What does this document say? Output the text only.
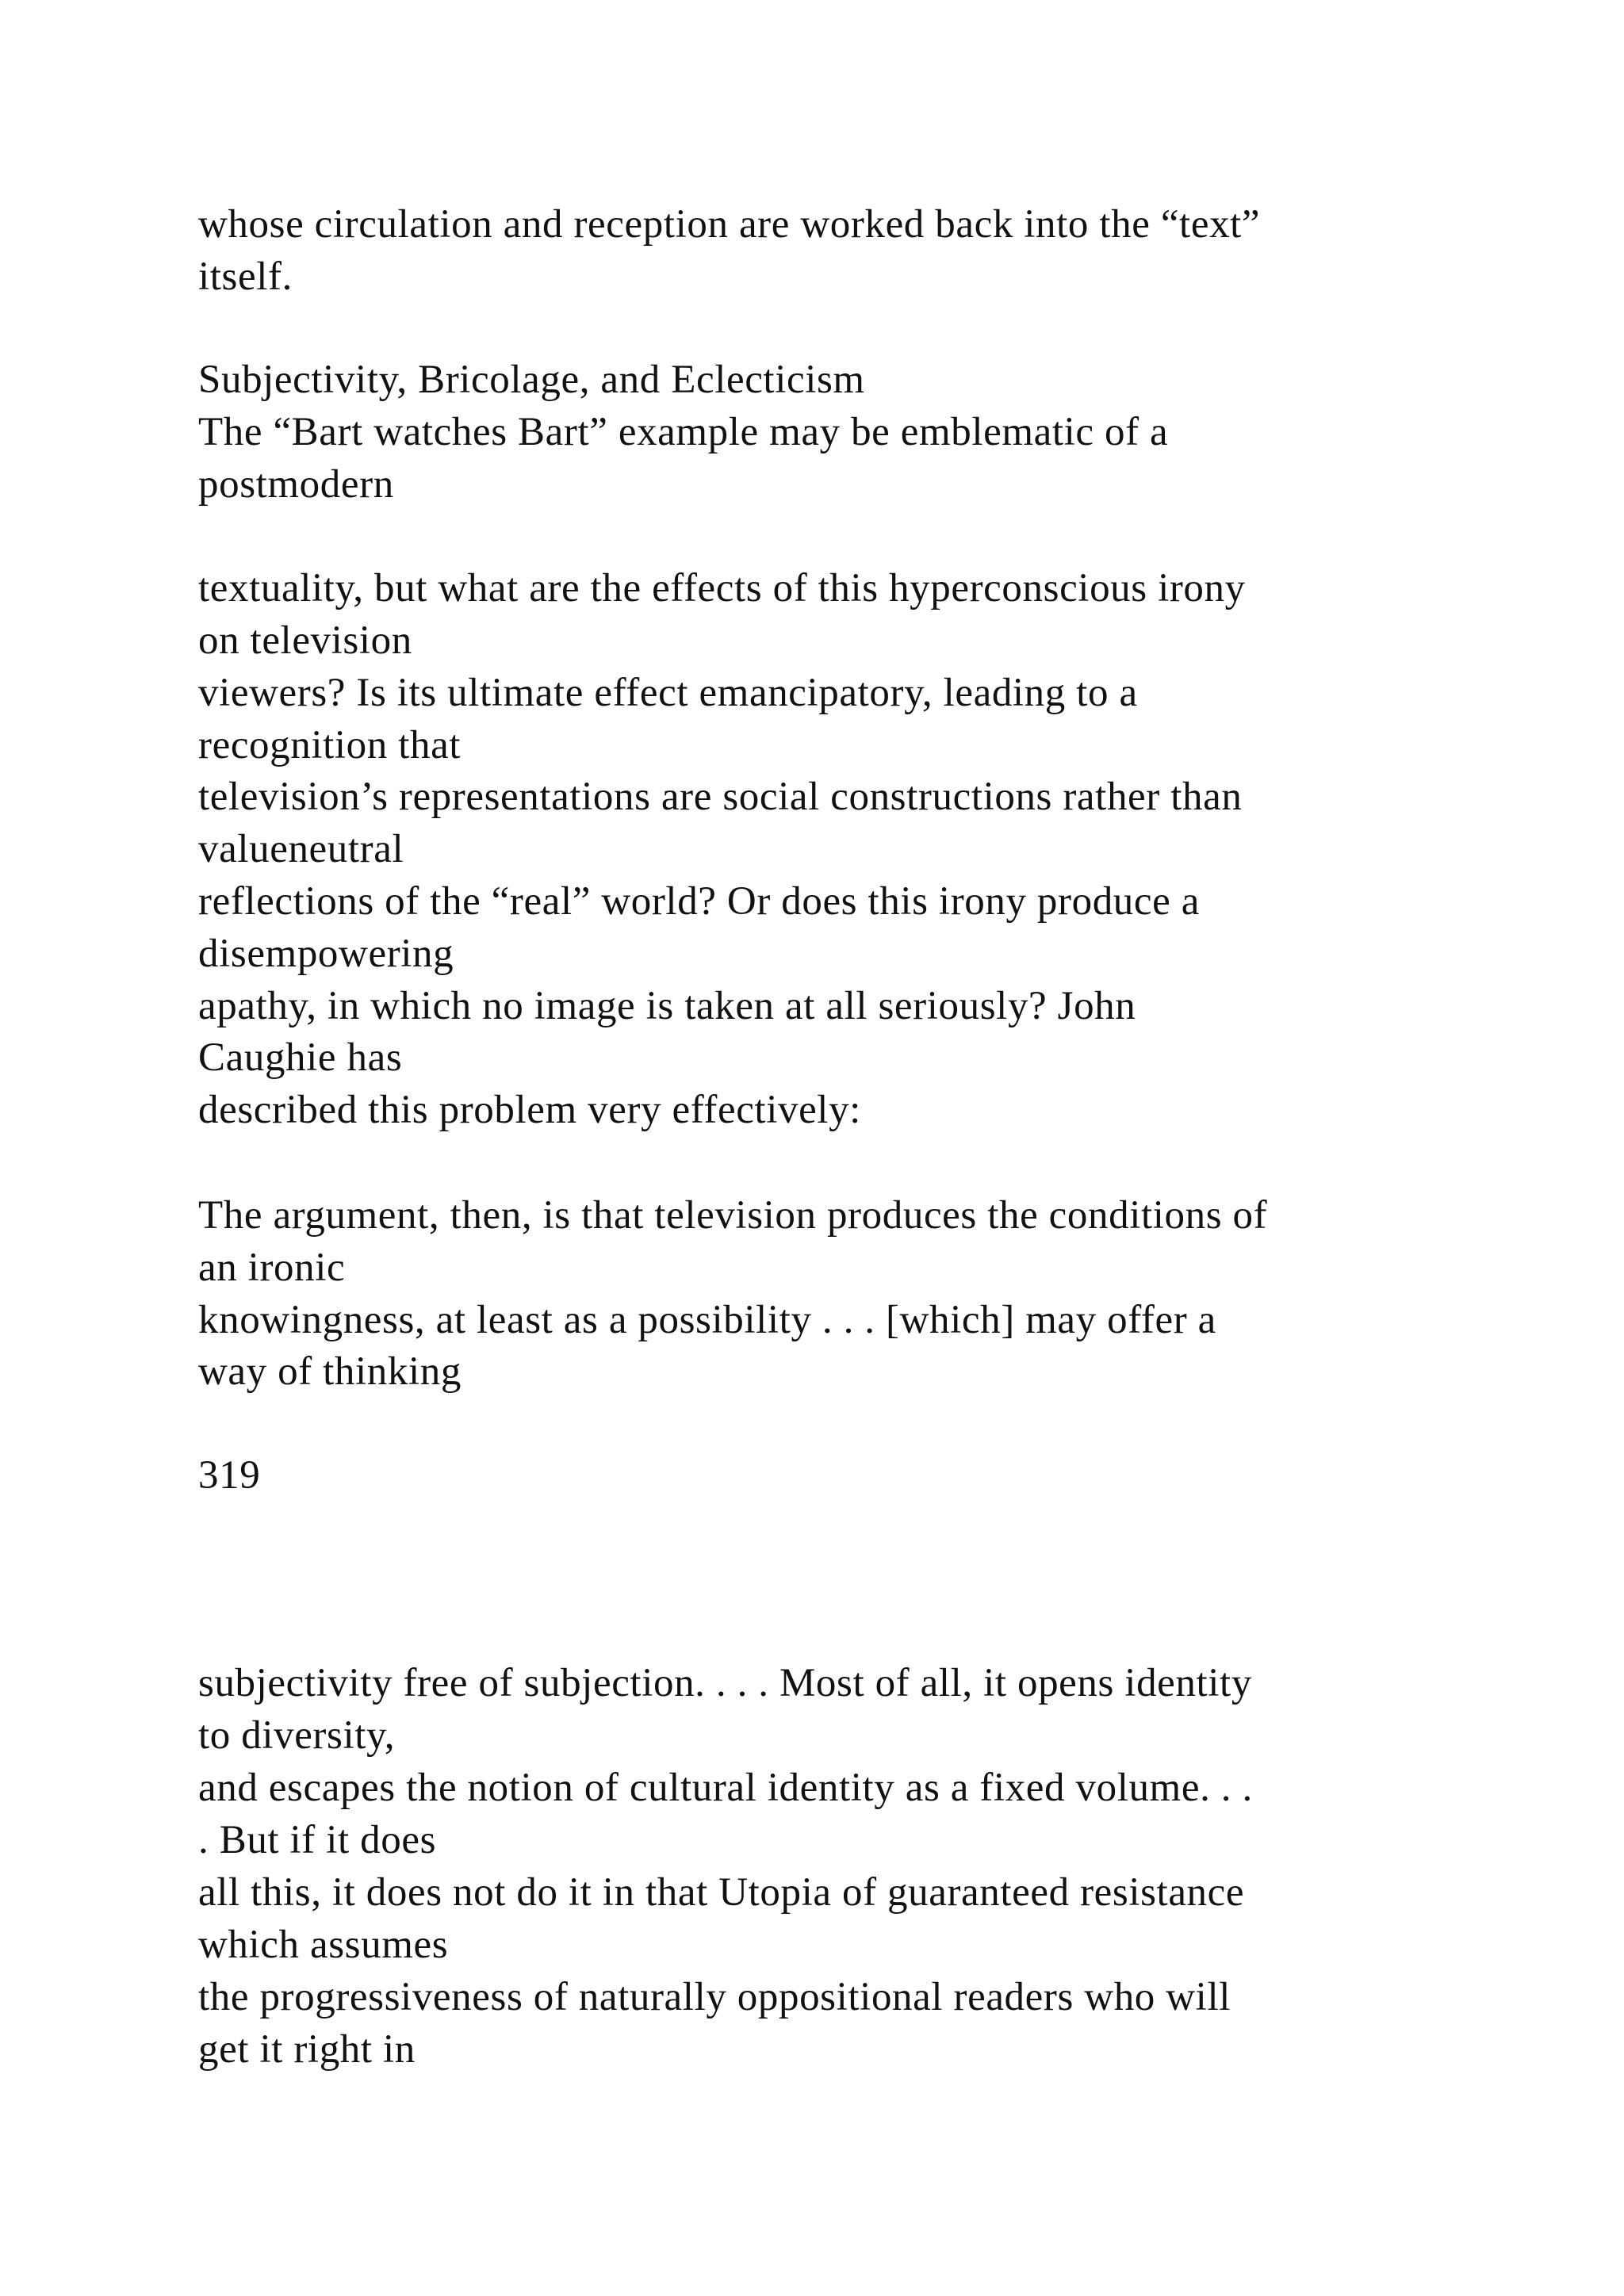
whose circulation and reception are worked back into the “text”

itself.

Subjectivity, Bricolage, and Eclecticism

The “Bart watches Bart” example may be emblematic of a

postmodern

textuality, but what are the effects of this hyperconscious irony

on television

viewers? Is its ultimate effect emancipatory, leading to a

recognition that

television’s representations are social constructions rather than

valueneutral

reflections of the “real” world? Or does this irony produce a

disempowering

apathy, in which no image is taken at all seriously? John

Caughie has

described this problem very effectively:

The argument, then, is that television produces the conditions of

an ironic

knowingness, at least as a possibility . . . [which] may offer a

way of thinking

319

subjectivity free of subjection. . . . Most of all, it opens identity

to diversity,

and escapes the notion of cultural identity as a fixed volume. . .

. But if it does

all this, it does not do it in that Utopia of guaranteed resistance

which assumes

the progressiveness of naturally oppositional readers who will

get it right in
